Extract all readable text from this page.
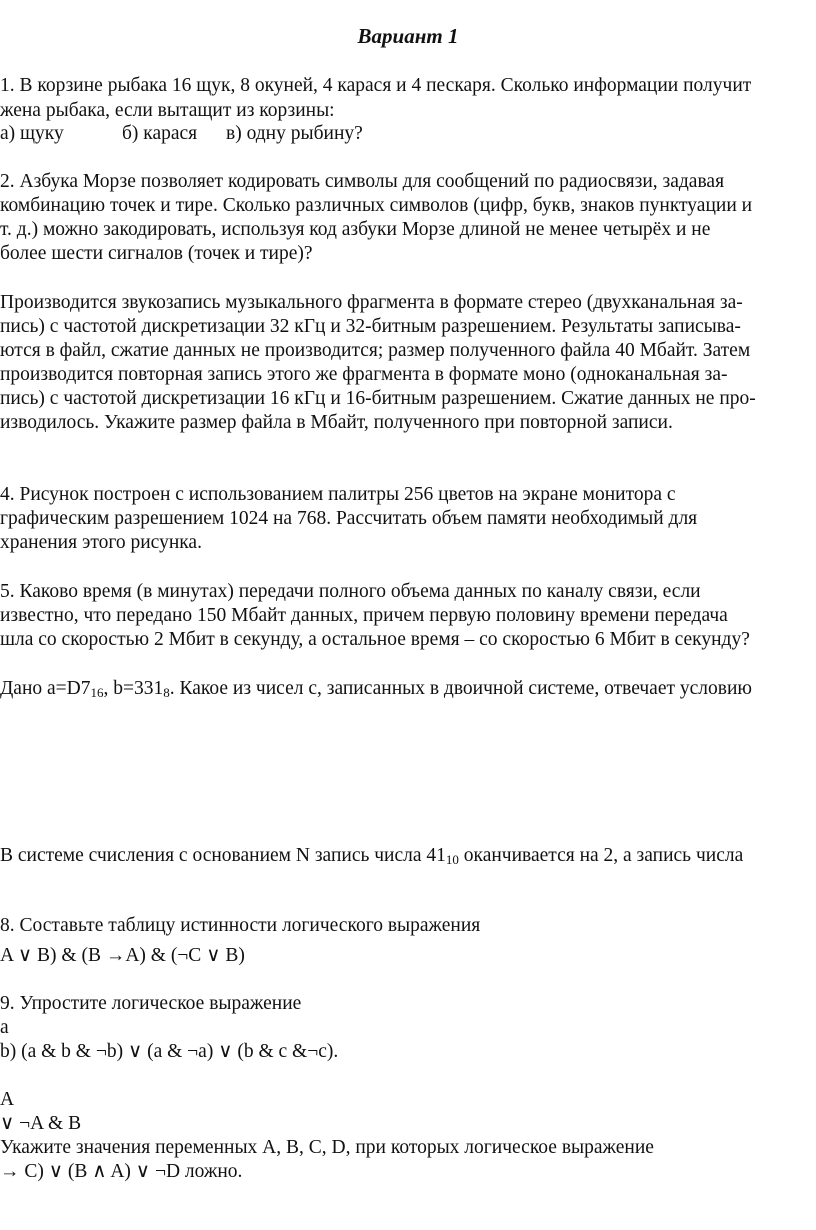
Вариант 1
1. В корзине рыбака 16 щук, 8 окуней, 4 карася и 4 пескаря. Сколько информации получит
жена рыбака, если вытащит из корзины:
а) щуку	б) карася в) одну рыбину?
2. Азбука Морзе позволяет кодировать символы для сообщений по радиосвязи, задавая
комбинацию точек и тире. Сколько различных символов (цифр, букв, знаков пунктуации и
т. д.) можно закодировать, используя код азбуки Морзе длиной не менее четырёх и не
более шести сигналов (точек и тире)?
Производится звукозапись музыкального фрагмента в формате стерео (двухканальная за-
пись) с частотой дискретизации 32 кГц и 32-битным разрешением. Результаты записыва-
ются в файл, сжатие данных не производится; размер полученного файла 40 Мбайт. Затем
производится повторная запись этого же фрагмента в формате моно (одноканальная за-
пись) с частотой дискретизации 16 кГц и 16-битным разрешением. Сжатие данных не про-
изводилось. Укажите размер файла в Мбайт, полученного при повторной записи.
4. Рисунок построен с использованием палитры 256 цветов на экране монитора с
графическим разрешением 1024 на 768. Рассчитать объем памяти необходимый для
хранения этого рисунка.
5. Каково время (в минутах) передачи полного объема данных по каналу связи, если
известно, что передано 150 Мбайт данных, причем первую половину времени передача
шла со скоростью 2 Мбит в секунду, а остальное время – со скоростью 6 Мбит в секунду?
Дано $a=D7_{16}$, $b=331_8$. Какое из чисел c, записанных в двоичной системе, отвечает условию
В системе счисления с основанием N запись числа $41_{10}$ оканчивается на 2, а запись числа
8. Составьте таблицу истинности логического выражения
A ∨ B) & (B →A) & (¬C ∨ B)
9. Упростите логическое выражение
a
b) (a & b & ¬b) ∨ (a & ¬a) ∨ (b & c &¬c).
A
∨ ¬A & B
Укажите значения переменных A, B, C, D, при которых логическое выражение
→ C) ∨ (B ∧ A) ∨ ¬D ложно.
